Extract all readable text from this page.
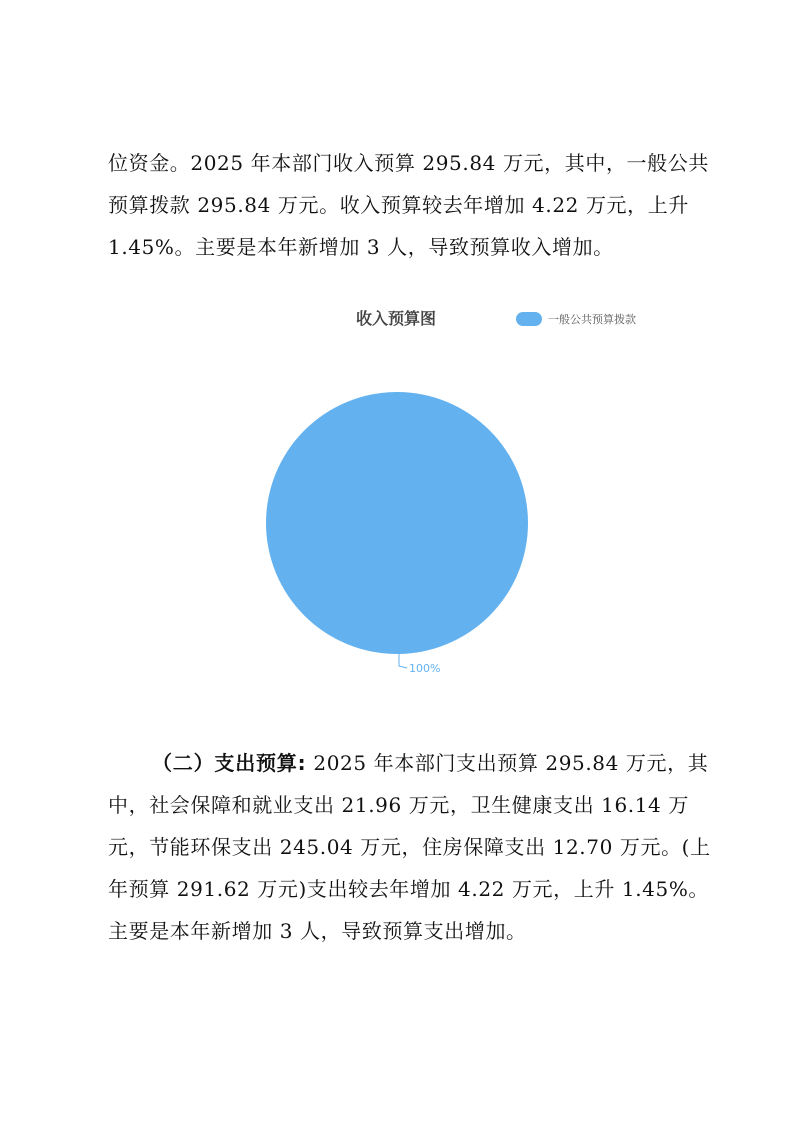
位资金。2025 年本部门收入预算 295.84 万元，其中，一般公共
预算拨款 295.84 万元。收入预算较去年增加 4.22 万元，上升
1.45%。主要是本年新增加 3 人，导致预算收入增加。

收入预算图	一般公共预算拨款
100%

（二）支出预算: 2025 年本部门支出预算 295.84 万元，其
中，社会保障和就业支出 21.96 万元，卫生健康支出 16.14 万
元，节能环保支出 245.04 万元，住房保障支出 12.70 万元。(上
年预算 291.62 万元)支出较去年增加 4.22 万元，上升 1.45%。
主要是本年新增加 3 人，导致预算支出增加。
